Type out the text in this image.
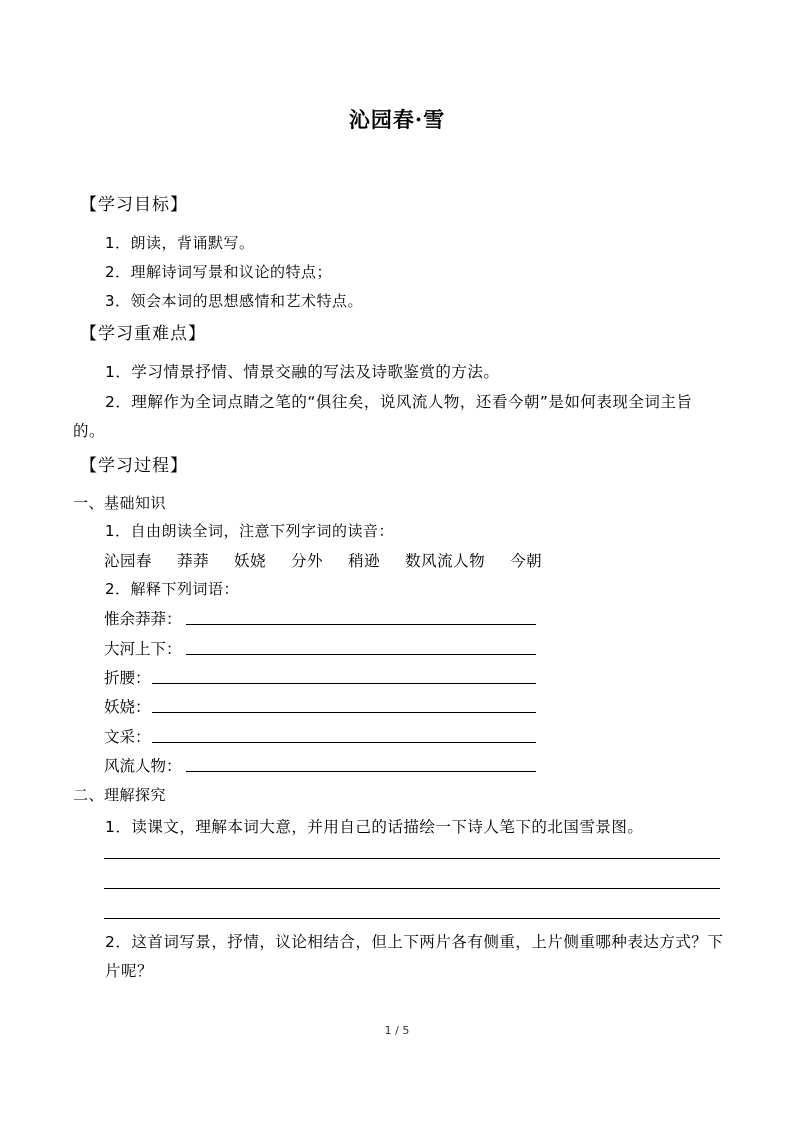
沁园春·雪
【学习目标】
1．朗读，背诵默写。
2．理解诗词写景和议论的特点；
3．领会本词的思想感情和艺术特点。
【学习重难点】
1．学习情景抒情、情景交融的写法及诗歌鉴赏的方法。
2．理解作为全词点睛之笔的“俱往矣，说风流人物，还看今朝”是如何表现全词主旨
的。
【学习过程】
一、基础知识
1．自由朗读全词，注意下列字词的读音：
沁园春 莽莽 妖娆 分外 稍逊 数风流人物 今朝
2．解释下列词语：
惟余莽莽：
大河上下：
折腰：
妖娆：
文采：
风流人物：
二、理解探究
1．读课文，理解本词大意，并用自己的话描绘一下诗人笔下的北国雪景图。
2．这首词写景，抒情，议论相结合，但上下两片各有侧重，上片侧重哪种表达方式？下
片呢？
1 / 5
